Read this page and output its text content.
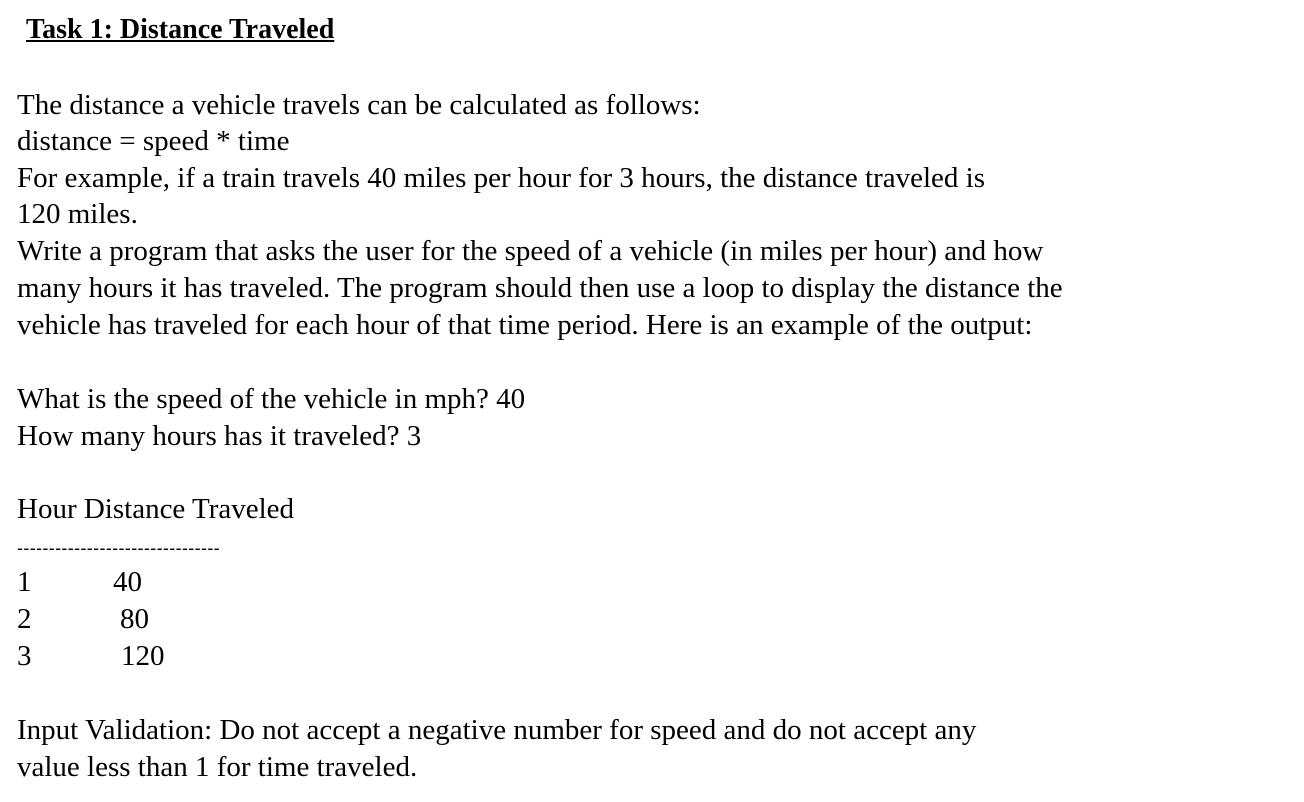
Task 1: Distance Traveled
The distance a vehicle travels can be calculated as follows:
distance = speed * time
For example, if a train travels 40 miles per hour for 3 hours, the distance traveled is
120 miles.
Write a program that asks the user for the speed of a vehicle (in miles per hour) and how
many hours it has traveled. The program should then use a loop to display the distance the
vehicle has traveled for each hour of that time period. Here is an example of the output:
What is the speed of the vehicle in mph? 40
How many hours has it traveled? 3
Hour Distance Traveled
--------------------------------
1	40
2	80
3	120
Input Validation: Do not accept a negative number for speed and do not accept any
value less than 1 for time traveled.
